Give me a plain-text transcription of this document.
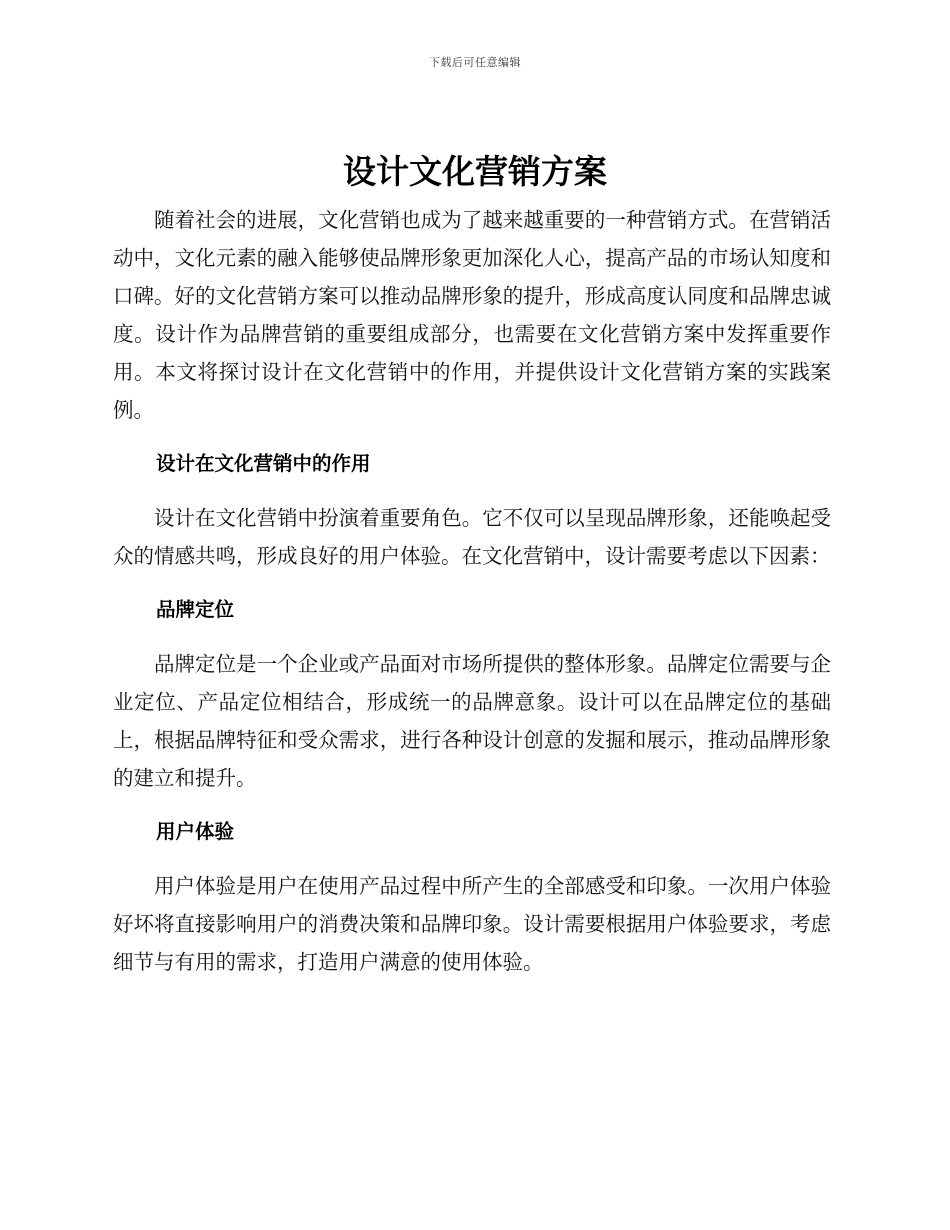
下载后可任意编辑
设计文化营销方案

随着社会的进展，文化营销也成为了越来越重要的一种营销方式。在营销活动中，文化元素的融入能够使品牌形象更加深化人心，提高产品的市场认知度和口碑。好的文化营销方案可以推动品牌形象的提升，形成高度认同度和品牌忠诚度。设计作为品牌营销的重要组成部分，也需要在文化营销方案中发挥重要作用。本文将探讨设计在文化营销中的作用，并提供设计文化营销方案的实践案例。

设计在文化营销中的作用

设计在文化营销中扮演着重要角色。它不仅可以呈现品牌形象，还能唤起受众的情感共鸣，形成良好的用户体验。在文化营销中，设计需要考虑以下因素：

品牌定位

品牌定位是一个企业或产品面对市场所提供的整体形象。品牌定位需要与企业定位、产品定位相结合，形成统一的品牌意象。设计可以在品牌定位的基础上，根据品牌特征和受众需求，进行各种设计创意的发掘和展示，推动品牌形象的建立和提升。

用户体验

用户体验是用户在使用产品过程中所产生的全部感受和印象。一次用户体验好坏将直接影响用户的消费决策和品牌印象。设计需要根据用户体验要求，考虑细节与有用的需求，打造用户满意的使用体验。
